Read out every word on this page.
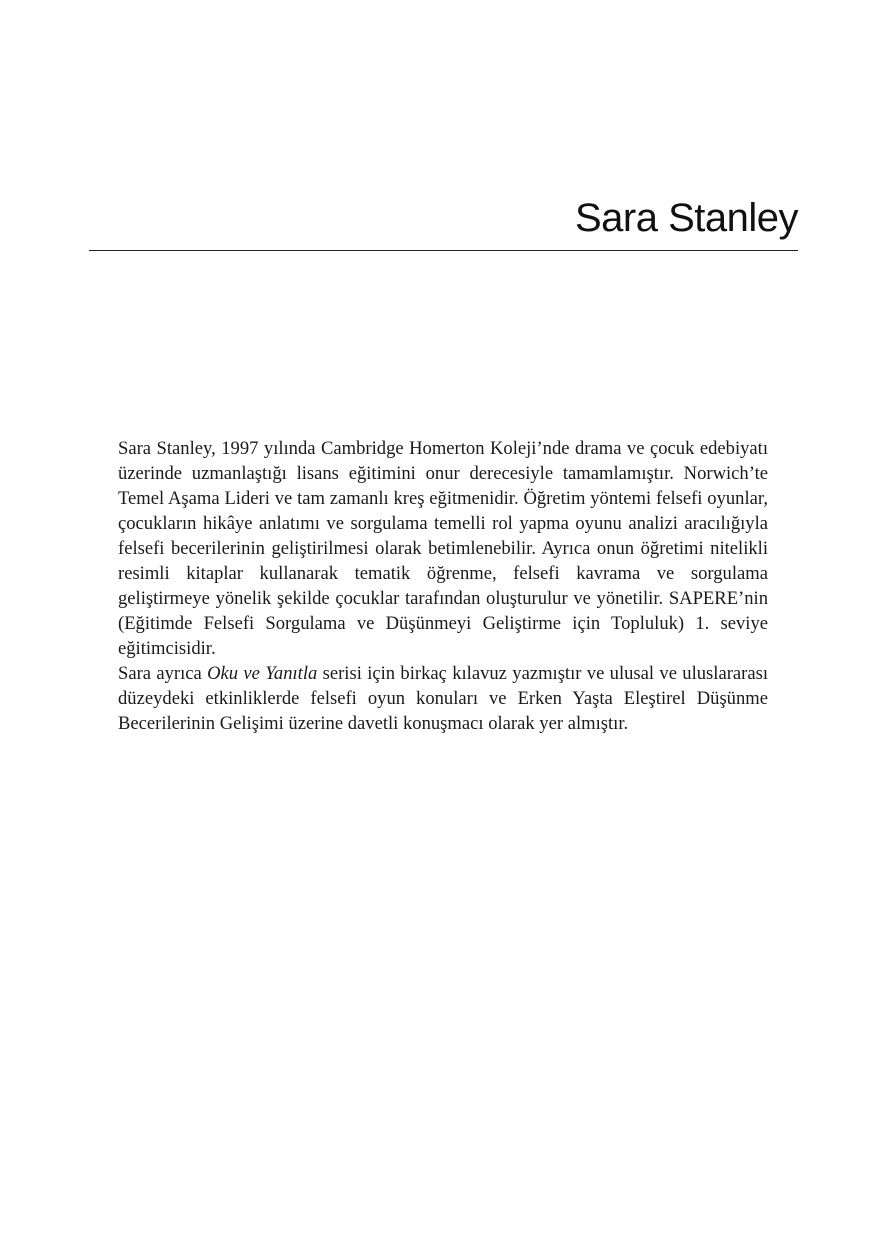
Sara Stanley

Sara Stanley, 1997 yılında Cambridge Homerton Koleji’nde drama ve çocuk edebiyatı üzerinde uzmanlaştığı lisans eğitimini onur derecesiyle tamamlamıştır. Norwich’te Temel Aşama Lideri ve tam zamanlı kreş eğitmenidir. Öğretim yöntemi felsefi oyunlar, çocukların hikâye anlatımı ve sorgulama temelli rol yapma oyunu analizi aracılığıyla felsefi becerilerinin geliştirilmesi olarak betimlenebilir. Ayrıca onun öğretimi nitelikli resimli kitaplar kullanarak tematik öğrenme, felsefi kavrama ve sorgulama geliştirmeye yönelik şekilde çocuklar tarafından oluşturulur ve yönetilir. SAPERE’nin (Eğitimde Felsefi Sorgulama ve Düşünmeyi Geliştirme için Topluluk) 1. seviye eğitimcisidir.

Sara ayrıca Oku ve Yanıtla serisi için birkaç kılavuz yazmıştır ve ulusal ve uluslararası düzeydeki etkinliklerde felsefi oyun konuları ve Erken Yaşta Eleştirel Düşünme Becerilerinin Gelişimi üzerine davetli konuşmacı olarak yer almıştır.
